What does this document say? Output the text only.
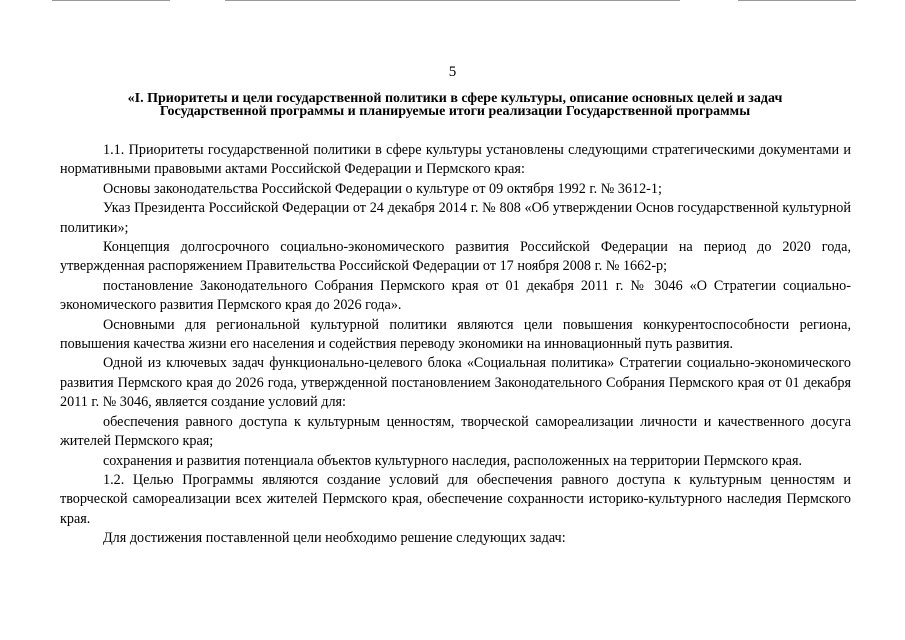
5
«I. Приоритеты и цели государственной политики в сфере культуры, описание основных целей и задач
Государственной программы и планируемые итоги реализации Государственной программы

1.1. Приоритеты государственной политики в сфере культуры установлены следующими стратегическими документами и нормативными правовыми актами Российской Федерации и Пермского края:

Основы законодательства Российской Федерации о культуре от 09 октября 1992 г. № 3612-1;

Указ Президента Российской Федерации от 24 декабря 2014 г. № 808 «Об утверждении Основ государственной культурной политики»;

Концепция долгосрочного социально-экономического развития Российской Федерации на период до 2020 года, утвержденная распоряжением Правительства Российской Федерации от 17 ноября 2008 г. № 1662-р;

постановление Законодательного Собрания Пермского края от 01 декабря 2011 г. № 3046 «О Стратегии социально-экономического развития Пермского края до 2026 года».

Основными для региональной культурной политики являются цели повышения конкурентоспособности региона, повышения качества жизни его населения и содействия переводу экономики на инновационный путь развития.

Одной из ключевых задач функционально-целевого блока «Социальная политика» Стратегии социально-экономического развития Пермского края до 2026 года, утвержденной постановлением Законодательного Собрания Пермского края от 01 декабря 2011 г. № 3046, является создание условий для:

обеспечения равного доступа к культурным ценностям, творческой самореализации личности и качественного досуга жителей Пермского края;

сохранения и развития потенциала объектов культурного наследия, расположенных на территории Пермского края.

1.2. Целью Программы являются создание условий для обеспечения равного доступа к культурным ценностям и творческой самореализации всех жителей Пермского края, обеспечение сохранности историко-культурного наследия Пермского края.

Для достижения поставленной цели необходимо решение следующих задач:
